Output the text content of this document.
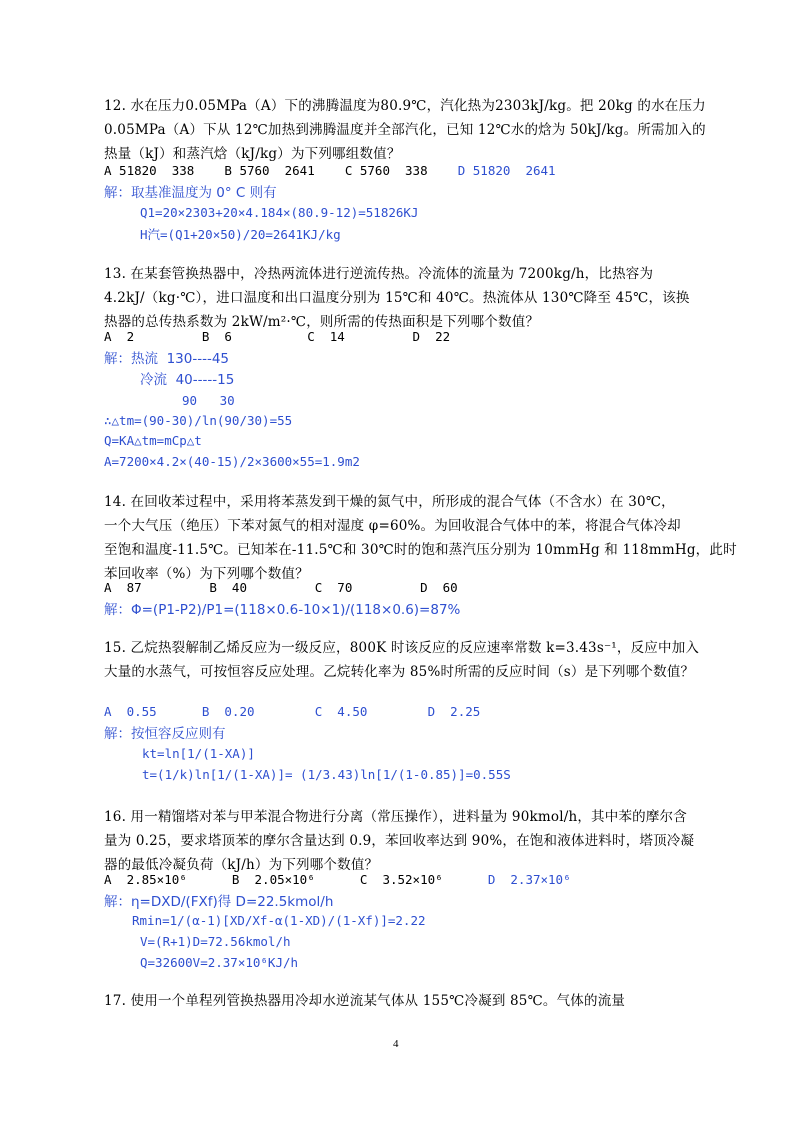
12. 水在压力0.05MPa（A）下的沸腾温度为80.9℃，汽化热为2303kJ/kg。把 20kg 的水在压力
0.05MPa（A）下从 12℃加热到沸腾温度并全部汽化，已知 12℃水的焓为 50kJ/kg。所需加入的
热量（kJ）和蒸汽焓（kJ/kg）为下列哪组数值？
A 51820  338    B 5760  2641    C 5760  338    D 51820  2641
解：取基准温度为 0° C 则有
Q1=20×2303+20×4.184×(80.9-12)=51826KJ
H汽=(Q1+20×50)/20=2641KJ/kg
13. 在某套管换热器中，冷热两流体进行逆流传热。冷流体的流量为 7200kg/h，比热容为
4.2kJ/（kg·℃），进口温度和出口温度分别为 15℃和 40℃。热流体从 130℃降至 45℃，该换
热器的总传热系数为 2kW/m²·℃，则所需的传热面积是下列哪个数值？
A  2         B  6          C  14         D  22
解：热流  130----45
冷流  40-----15
90   30
∴△tm=(90-30)/ln(90/30)=55
Q=KA△tm=mCp△t
A=7200×4.2×(40-15)/2×3600×55=1.9m2
14. 在回收苯过程中，采用将苯蒸发到干燥的氮气中，所形成的混合气体（不含水）在 30℃，
一个大气压（绝压）下苯对氮气的相对湿度 φ=60%。为回收混合气体中的苯，将混合气体冷却
至饱和温度-11.5℃。已知苯在-11.5℃和 30℃时的饱和蒸汽压分别为 10mmHg 和 118mmHg，此时
苯回收率（%）为下列哪个数值？
A  87         B  40         C  70         D  60
解：Φ=(P1-P2)/P1=(118×0.6-10×1)/(118×0.6)=87%
15. 乙烷热裂解制乙烯反应为一级反应，800K 时该反应的反应速率常数 k=3.43s⁻¹，反应中加入
大量的水蒸气，可按恒容反应处理。乙烷转化率为 85%时所需的反应时间（s）是下列哪个数值？
A  0.55      B  0.20        C  4.50        D  2.25
解：按恒容反应则有
kt=ln[1/(1-XA)]
t=(1/k)ln[1/(1-XA)]= (1/3.43)ln[1/(1-0.85)]=0.55S
16. 用一精馏塔对苯与甲苯混合物进行分离（常压操作），进料量为 90kmol/h，其中苯的摩尔含
量为 0.25，要求塔顶苯的摩尔含量达到 0.9，苯回收率达到 90%，在饱和液体进料时，塔顶冷凝
器的最低冷凝负荷（kJ/h）为下列哪个数值？
A  2.85×10⁶      B  2.05×10⁶      C  3.52×10⁶      D  2.37×10⁶
解：η=DXD/(FXf)得 D=22.5kmol/h
Rmin=1/(α-1)[XD/Xf-α(1-XD)/(1-Xf)]=2.22
V=(R+1)D=72.56kmol/h
Q=32600V=2.37×10⁶KJ/h
17. 使用一个单程列管换热器用冷却水逆流某气体从 155℃冷凝到 85℃。气体的流量
4
